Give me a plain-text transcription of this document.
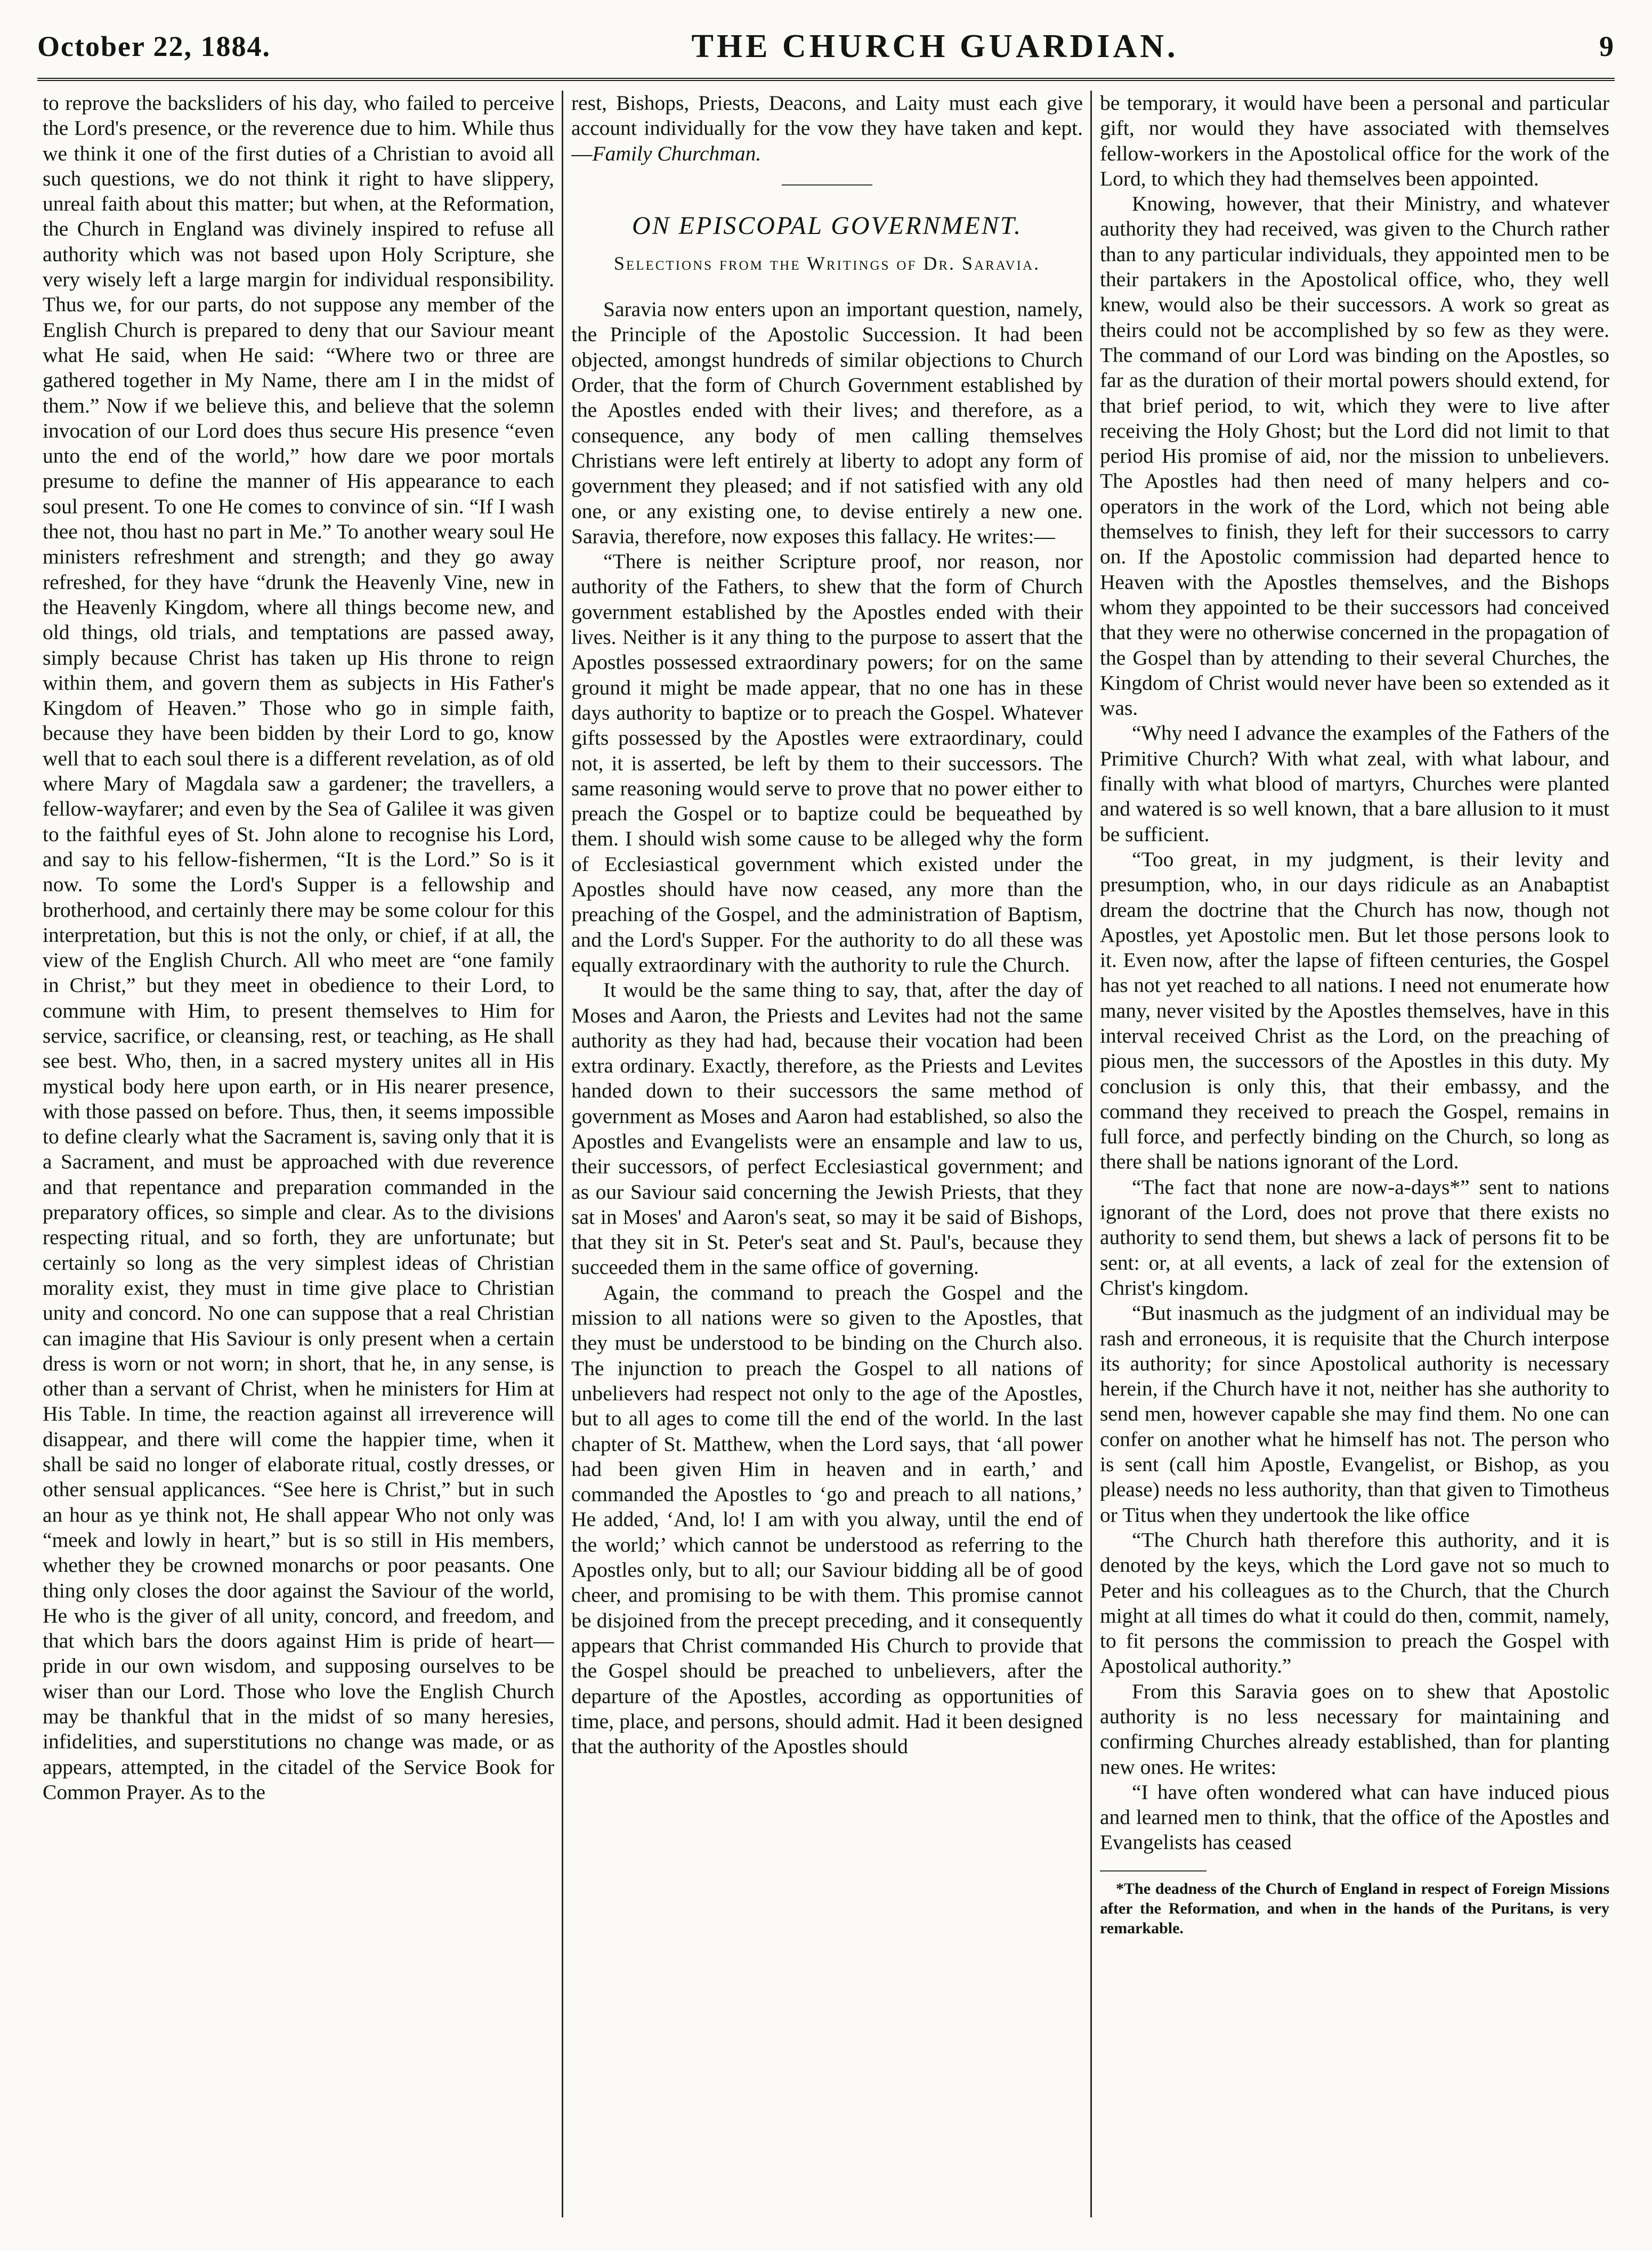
October 22, 1884.	THE CHURCH GUARDIAN.	9

to reprove the backsliders of his day, who failed to perceive the Lord's presence, or the reverence due to him. While thus we think it one of the first duties of a Christian to avoid all such questions, we do not think it right to have slippery, unreal faith about this matter; but when, at the Reformation, the Church in England was divinely inspired to refuse all authority which was not based upon Holy Scripture, she very wisely left a large margin for individual responsibility. Thus we, for our parts, do not suppose any member of the English Church is prepared to deny that our Saviour meant what He said, when He said: “Where two or three are gathered together in My Name, there am I in the midst of them.” Now if we believe this, and believe that the solemn invocation of our Lord does thus secure His presence “even unto the end of the world,” how dare we poor mortals presume to define the manner of His appearance to each soul present. To one He comes to convince of sin. “If I wash thee not, thou hast no part in Me.” To another weary soul He ministers refreshment and strength; and they go away refreshed, for they have “drunk the Heavenly Vine, new in the Heavenly Kingdom, where all things become new, and old things, old trials, and temptations are passed away, simply because Christ has taken up His throne to reign within them, and govern them as subjects in His Father's Kingdom of Heaven.” Those who go in simple faith, because they have been bidden by their Lord to go, know well that to each soul there is a different revelation, as of old where Mary of Magdala saw a gardener; the travellers, a fellow-wayfarer; and even by the Sea of Galilee it was given to the faithful eyes of St. John alone to recognise his Lord, and say to his fellow-fishermen, “It is the Lord.” So is it now. To some the Lord's Supper is a fellowship and brotherhood, and certainly there may be some colour for this interpretation, but this is not the only, or chief, if at all, the view of the English Church. All who meet are “one family in Christ,” but they meet in obedience to their Lord, to commune with Him, to present themselves to Him for service, sacrifice, or cleansing, rest, or teaching, as He shall see best. Who, then, in a sacred mystery unites all in His mystical body here upon earth, or in His nearer presence, with those passed on before. Thus, then, it seems impossible to define clearly what the Sacrament is, saving only that it is a Sacrament, and must be approached with due reverence and that repentance and preparation commanded in the preparatory offices, so simple and clear. As to the divisions respecting ritual, and so forth, they are unfortunate; but certainly so long as the very simplest ideas of Christian morality exist, they must in time give place to Christian unity and concord. No one can suppose that a real Christian can imagine that His Saviour is only present when a certain dress is worn or not worn; in short, that he, in any sense, is other than a servant of Christ, when he ministers for Him at His Table. In time, the reaction against all irreverence will disappear, and there will come the happier time, when it shall be said no longer of elaborate ritual, costly dresses, or other sensual applicances. “See here is Christ,” but in such an hour as ye think not, He shall appear Who not only was “meek and lowly in heart,” but is so still in His members, whether they be crowned monarchs or poor peasants. One thing only closes the door against the Saviour of the world, He who is the giver of all unity, concord, and freedom, and that which bars the doors against Him is pride of heart—pride in our own wisdom, and supposing ourselves to be wiser than our Lord. Those who love the English Church may be thankful that in the midst of so many heresies, infidelities, and superstitutions no change was made, or as appears, attempted, in the citadel of the Service Book for Common Prayer. As to the

rest, Bishops, Priests, Deacons, and Laity must each give account individually for the vow they have taken and kept.—Family Churchman.

ON EPISCOPAL GOVERNMENT.
Selections from the Writings of Dr. Saravia.

Saravia now enters upon an important question, namely, the Principle of the Apostolic Succession. It had been objected, amongst hundreds of similar objections to Church Order, that the form of Church Government established by the Apostles ended with their lives; and therefore, as a consequence, any body of men calling themselves Christians were left entirely at liberty to adopt any form of government they pleased; and if not satisfied with any old one, or any existing one, to devise entirely a new one. Saravia, therefore, now exposes this fallacy. He writes:—

“There is neither Scripture proof, nor reason, nor authority of the Fathers, to shew that the form of Church government established by the Apostles ended with their lives. Neither is it any thing to the purpose to assert that the Apostles possessed extraordinary powers; for on the same ground it might be made appear, that no one has in these days authority to baptize or to preach the Gospel. Whatever gifts possessed by the Apostles were extraordinary, could not, it is asserted, be left by them to their successors. The same reasoning would serve to prove that no power either to preach the Gospel or to baptize could be bequeathed by them. I should wish some cause to be alleged why the form of Ecclesiastical government which existed under the Apostles should have now ceased, any more than the preaching of the Gospel, and the administration of Baptism, and the Lord's Supper. For the authority to do all these was equally extraordinary with the authority to rule the Church.

It would be the same thing to say, that, after the day of Moses and Aaron, the Priests and Levites had not the same authority as they had had, because their vocation had been extra ordinary. Exactly, therefore, as the Priests and Levites handed down to their successors the same method of government as Moses and Aaron had established, so also the Apostles and Evangelists were an ensample and law to us, their successors, of perfect Ecclesiastical government; and as our Saviour said concerning the Jewish Priests, that they sat in Moses' and Aaron's seat, so may it be said of Bishops, that they sit in St. Peter's seat and St. Paul's, because they succeeded them in the same office of governing.

Again, the command to preach the Gospel and the mission to all nations were so given to the Apostles, that they must be understood to be binding on the Church also. The injunction to preach the Gospel to all nations of unbelievers had respect not only to the age of the Apostles, but to all ages to come till the end of the world. In the last chapter of St. Matthew, when the Lord says, that ‘all power had been given Him in heaven and in earth,’ and commanded the Apostles to ‘go and preach to all nations,’ He added, ‘And, lo! I am with you alway, until the end of the world;’ which cannot be understood as referring to the Apostles only, but to all; our Saviour bidding all be of good cheer, and promising to be with them. This promise cannot be disjoined from the precept preceding, and it consequently appears that Christ commanded His Church to provide that the Gospel should be preached to unbelievers, after the departure of the Apostles, according as opportunities of time, place, and persons, should admit. Had it been designed that the authority of the Apostles should

be temporary, it would have been a personal and particular gift, nor would they have associated with themselves fellow-workers in the Apostolical office for the work of the Lord, to which they had themselves been appointed.

Knowing, however, that their Ministry, and whatever authority they had received, was given to the Church rather than to any particular individuals, they appointed men to be their partakers in the Apostolical office, who, they well knew, would also be their successors. A work so great as theirs could not be accomplished by so few as they were. The command of our Lord was binding on the Apostles, so far as the duration of their mortal powers should extend, for that brief period, to wit, which they were to live after receiving the Holy Ghost; but the Lord did not limit to that period His promise of aid, nor the mission to unbelievers. The Apostles had then need of many helpers and co-operators in the work of the Lord, which not being able themselves to finish, they left for their successors to carry on. If the Apostolic commission had departed hence to Heaven with the Apostles themselves, and the Bishops whom they appointed to be their successors had conceived that they were no otherwise concerned in the propagation of the Gospel than by attending to their several Churches, the Kingdom of Christ would never have been so extended as it was.

“Why need I advance the examples of the Fathers of the Primitive Church? With what zeal, with what labour, and finally with what blood of martyrs, Churches were planted and watered is so well known, that a bare allusion to it must be sufficient.

“Too great, in my judgment, is their levity and presumption, who, in our days ridicule as an Anabaptist dream the doctrine that the Church has now, though not Apostles, yet Apostolic men. But let those persons look to it. Even now, after the lapse of fifteen centuries, the Gospel has not yet reached to all nations. I need not enumerate how many, never visited by the Apostles themselves, have in this interval received Christ as the Lord, on the preaching of pious men, the successors of the Apostles in this duty. My conclusion is only this, that their embassy, and the command they received to preach the Gospel, remains in full force, and perfectly binding on the Church, so long as there shall be nations ignorant of the Lord.

“The fact that none are now-a-days*” sent to nations ignorant of the Lord, does not prove that there exists no authority to send them, but shews a lack of persons fit to be sent: or, at all events, a lack of zeal for the extension of Christ's kingdom.

“But inasmuch as the judgment of an individual may be rash and erroneous, it is requisite that the Church interpose its authority; for since Apostolical authority is necessary herein, if the Church have it not, neither has she authority to send men, however capable she may find them. No one can confer on another what he himself has not. The person who is sent (call him Apostle, Evangelist, or Bishop, as you please) needs no less authority, than that given to Timotheus or Titus when they undertook the like office

“The Church hath therefore this authority, and it is denoted by the keys, which the Lord gave not so much to Peter and his colleagues as to the Church, that the Church might at all times do what it could do then, commit, namely, to fit persons the commission to preach the Gospel with Apostolical authority.”

From this Saravia goes on to shew that Apostolic authority is no less necessary for maintaining and confirming Churches already established, than for planting new ones. He writes:

“I have often wondered what can have induced pious and learned men to think, that the office of the Apostles and Evangelists has ceased

*The deadness of the Church of England in respect of Foreign Missions after the Reformation, and when in the hands of the Puritans, is very remarkable.
